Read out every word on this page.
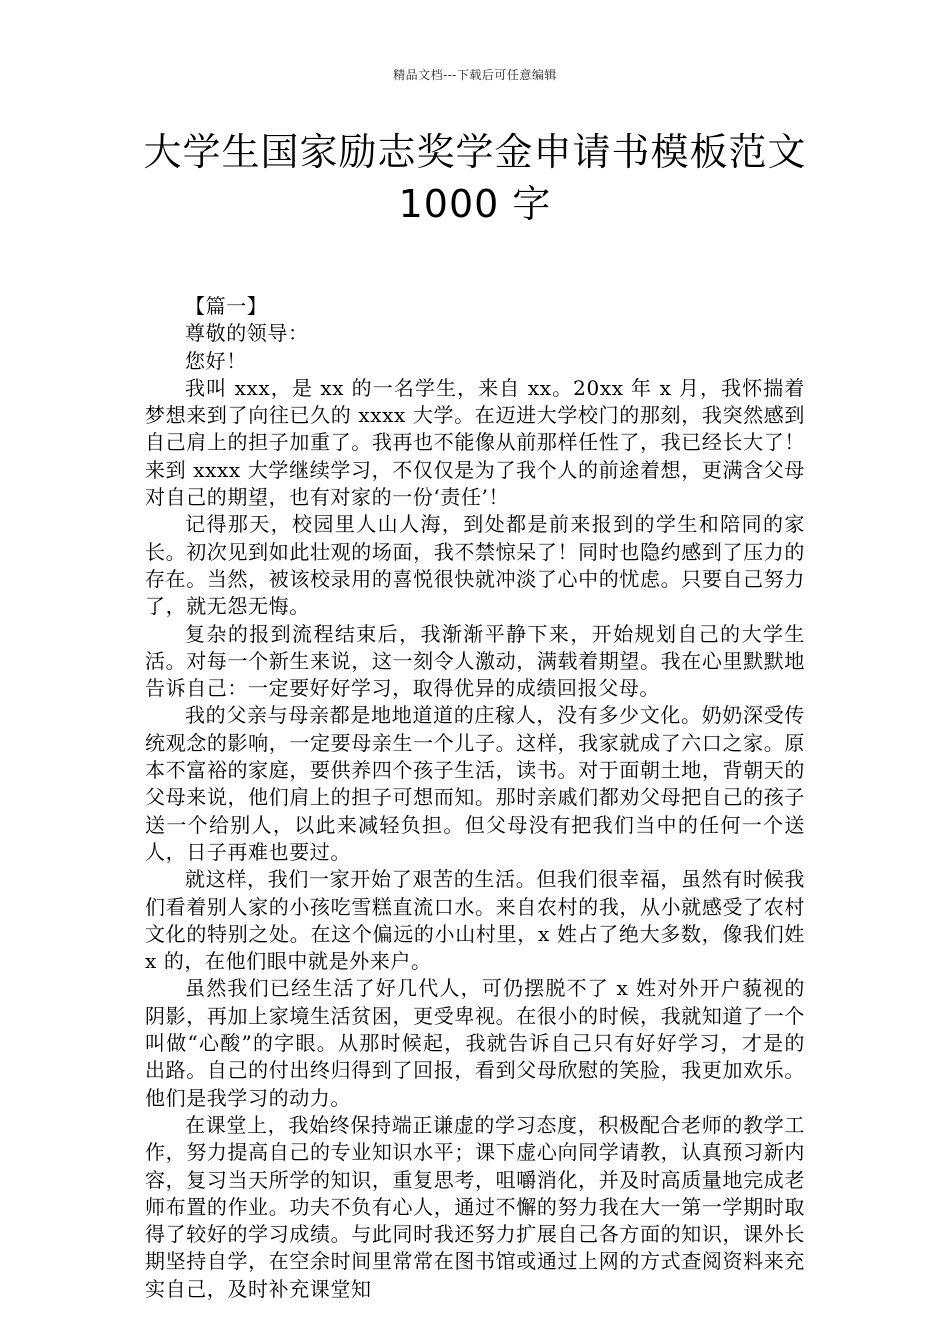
精品文档---下载后可任意编辑
大学生国家励志奖学金申请书模板范文
1000 字

【篇一】

尊敬的领导：

您好！

我叫 xxx，是 xx 的一名学生，来自 xx。20xx 年 x 月，我怀揣着梦想来到了向往已久的 xxxx 大学。在迈进大学校门的那刻，我突然感到自己肩上的担子加重了。我再也不能像从前那样任性了，我已经长大了！来到 xxxx 大学继续学习，不仅仅是为了我个人的前途着想，更满含父母对自己的期望，也有对家的一份‘责任’！

记得那天，校园里人山人海，到处都是前来报到的学生和陪同的家长。初次见到如此壮观的场面，我不禁惊呆了！同时也隐约感到了压力的存在。当然，被该校录用的喜悦很快就冲淡了心中的忧虑。只要自己努力了，就无怨无悔。

复杂的报到流程结束后，我渐渐平静下来，开始规划自己的大学生活。对每一个新生来说，这一刻令人激动，满载着期望。我在心里默默地告诉自己：一定要好好学习，取得优异的成绩回报父母。

我的父亲与母亲都是地地道道的庄稼人，没有多少文化。奶奶深受传统观念的影响，一定要母亲生一个儿子。这样，我家就成了六口之家。原本不富裕的家庭，要供养四个孩子生活，读书。对于面朝土地，背朝天的父母来说，他们肩上的担子可想而知。那时亲戚们都劝父母把自己的孩子送一个给别人，以此来减轻负担。但父母没有把我们当中的任何一个送人，日子再难也要过。

就这样，我们一家开始了艰苦的生活。但我们很幸福，虽然有时候我们看着别人家的小孩吃雪糕直流口水。来自农村的我，从小就感受了农村文化的特别之处。在这个偏远的小山村里，x 姓占了绝大多数，像我们姓 x 的，在他们眼中就是外来户。

虽然我们已经生活了好几代人，可仍摆脱不了 x 姓对外开户藐视的阴影，再加上家境生活贫困，更受卑视。在很小的时候，我就知道了一个叫做“心酸”的字眼。从那时候起，我就告诉自己只有好好学习，才是的出路。自己的付出终归得到了回报，看到父母欣慰的笑脸，我更加欢乐。他们是我学习的动力。

在课堂上，我始终保持端正谦虚的学习态度，积极配合老师的教学工作，努力提高自己的专业知识水平；课下虚心向同学请教，认真预习新内容，复习当天所学的知识，重复思考，咀嚼消化，并及时高质量地完成老师布置的作业。功夫不负有心人，通过不懈的努力我在大一第一学期时取得了较好的学习成绩。与此同时我还努力扩展自己各方面的知识，课外长期坚持自学，在空余时间里常常在图书馆或通过上网的方式查阅资料来充实自己，及时补充课堂知
